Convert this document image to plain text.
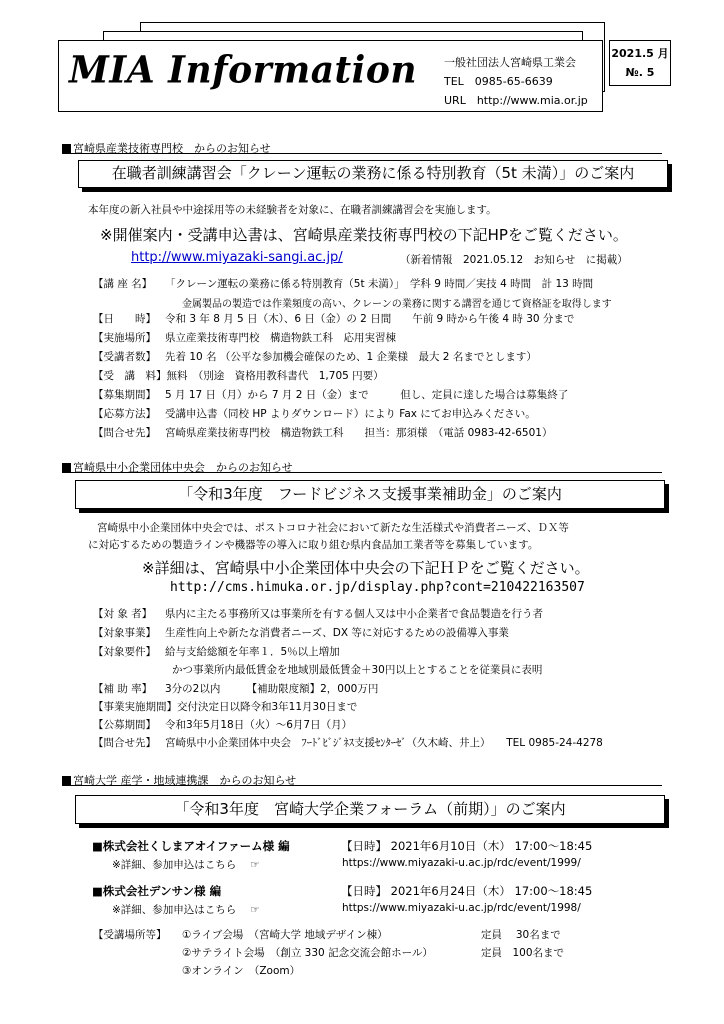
MIA Information 一般社団法人宮崎県工業会
TEL　0985-65-6639
URL　http://www.mia.or.jp
2021.5 月
№. 5
宮崎県産業技術専門校　からのお知らせ
在職者訓練講習会「クレーン運転の業務に係る特別教育（5t 未満）」のご案内
本年度の新入社員や中途採用等の未経験者を対象に、在職者訓練講習会を実施します。
※開催案内・受講申込書は、宮崎県産業技術専門校の下記HPをご覧ください。
http://www.miyazaki-sangi.ac.jp/	（新着情報　2021.05.12　お知らせ　に掲載）
【講 座 名】 「クレーン運転の業務に係る特別教育（5t 未満）」　学科 9 時間／実技 4 時間　計 13 時間
金属製品の製造では作業頻度の高い、クレーンの業務に関する講習を通じて資格証を取得します
【日　　時】 令和 3 年 8 月 5 日（木）、6 日（金）の 2 日間　　午前 9 時から午後 4 時 30 分まで
【実施場所】 県立産業技術専門校　構造物鉄工科　応用実習棟
【受講者数】 先着 10 名 （公平な参加機会確保のため、1 企業様　最大 2 名までとします）
【受　講　料】無料　（別途　資格用教科書代　1,705 円要）
【募集期間】 5 月 17 日（月）から 7 月 2 日（金）まで　　　但し、定員に達した場合は募集終了
【応募方法】 受講申込書（同校 HP よりダウンロード）により Fax にてお申込みください。
【問合せ先】 宮崎県産業技術専門校　構造物鉄工科　　担当：那須様　（電話 0983-42-6501）
宮崎県中小企業団体中央会　からのお知らせ
「令和3年度　フードビジネス支援事業補助金」のご案内
宮崎県中小企業団体中央会では、ポストコロナ社会において新たな生活様式や消費者ニーズ、ＤＸ等
に対応するための製造ラインや機器等の導入に取り組む県内食品加工業者等を募集しています。
※詳細は、宮崎県中小企業団体中央会の下記ＨＰをご覧ください。
http://cms.himuka.or.jp/display.php?cont=210422163507
【対 象 者】 県内に主たる事務所又は事業所を有する個人又は中小企業者で食品製造を行う者
【対象事業】 生産性向上や新たな消費者ニーズ、DX 等に対応するための設備導入事業
【対象要件】 給与支給総額を年率１．5％以上増加
かつ事業所内最低賃金を地域別最低賃金＋30円以上とすることを従業員に表明
【補 助 率】 3分の2以内　　　【補助限度額】2，000万円
【事業実施期間】交付決定日以降令和3年11月30日まで
【公募期間】 令和3年5月18日（火）～6月7日（月）
【問合せ先】 宮崎県中小企業団体中央会　ﾌｰﾄﾞﾋﾞｼﾞﾈｽ支援ｾﾝﾀｰｾﾞ（久木崎、井上）　　TEL 0985-24-4278
宮崎大学 産学・地域連携課　からのお知らせ
「令和3年度　宮崎大学企業フォーラム（前期）」のご案内
■株式会社くしまアオイファーム様 編	【日時】 2021年6月10日（木） 17:00～18:45
※詳細、参加申込はこちら　 ☞	https://www.miyazaki-u.ac.jp/rdc/event/1999/
■株式会社デンサン様 編	【日時】 2021年6月24日（木） 17:00～18:45
※詳細、参加申込はこちら　 ☞	https://www.miyazaki-u.ac.jp/rdc/event/1998/
【受講場所等】 ①ライブ会場　（宮崎大学 地域デザイン棟）	定員　 30名まで
②サテライト会場　（創立 330 記念交流会館ホール）	定員　100名まで
③オンライン　（Zoom）
